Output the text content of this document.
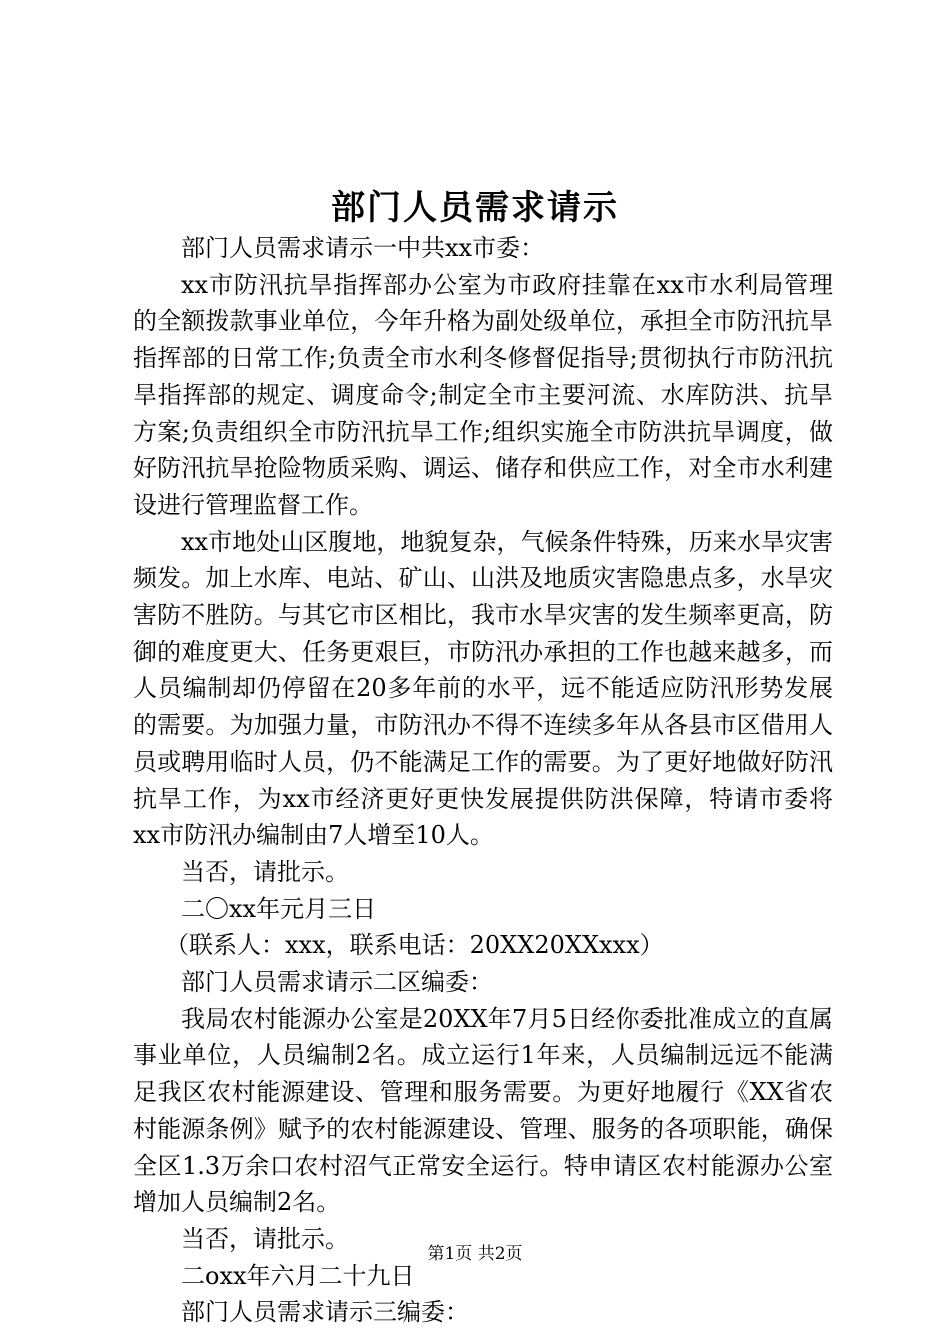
部门人员需求请示

部门人员需求请示一中共xx市委：

xx市防汛抗旱指挥部办公室为市政府挂靠在xx市水利局管理的全额拨款事业单位，今年升格为副处级单位，承担全市防汛抗旱指挥部的日常工作;负责全市水利冬修督促指导;贯彻执行市防汛抗旱指挥部的规定、调度命令;制定全市主要河流、水库防洪、抗旱方案;负责组织全市防汛抗旱工作;组织实施全市防洪抗旱调度，做好防汛抗旱抢险物质采购、调运、储存和供应工作，对全市水利建设进行管理监督工作。

xx市地处山区腹地，地貌复杂，气候条件特殊，历来水旱灾害频发。加上水库、电站、矿山、山洪及地质灾害隐患点多，水旱灾害防不胜防。与其它市区相比，我市水旱灾害的发生频率更高，防御的难度更大、任务更艰巨，市防汛办承担的工作也越来越多，而人员编制却仍停留在20多年前的水平，远不能适应防汛形势发展的需要。为加强力量，市防汛办不得不连续多年从各县市区借用人员或聘用临时人员，仍不能满足工作的需要。为了更好地做好防汛抗旱工作，为xx市经济更好更快发展提供防洪保障，特请市委将xx市防汛办编制由7人增至10人。

当否，请批示。

二〇xx年元月三日

（联系人：xxx，联系电话：20XX20XXxxx）

部门人员需求请示二区编委：

我局农村能源办公室是20XX年7月5日经你委批准成立的直属事业单位，人员编制2名。成立运行1年来，人员编制远远不能满足我区农村能源建设、管理和服务需要。为更好地履行《XX省农村能源条例》赋予的农村能源建设、管理、服务的各项职能，确保全区1.3万余口农村沼气正常安全运行。特申请区农村能源办公室增加人员编制2名。

当否，请批示。

二oxx年六月二十九日

部门人员需求请示三编委：

第1页 共2页
